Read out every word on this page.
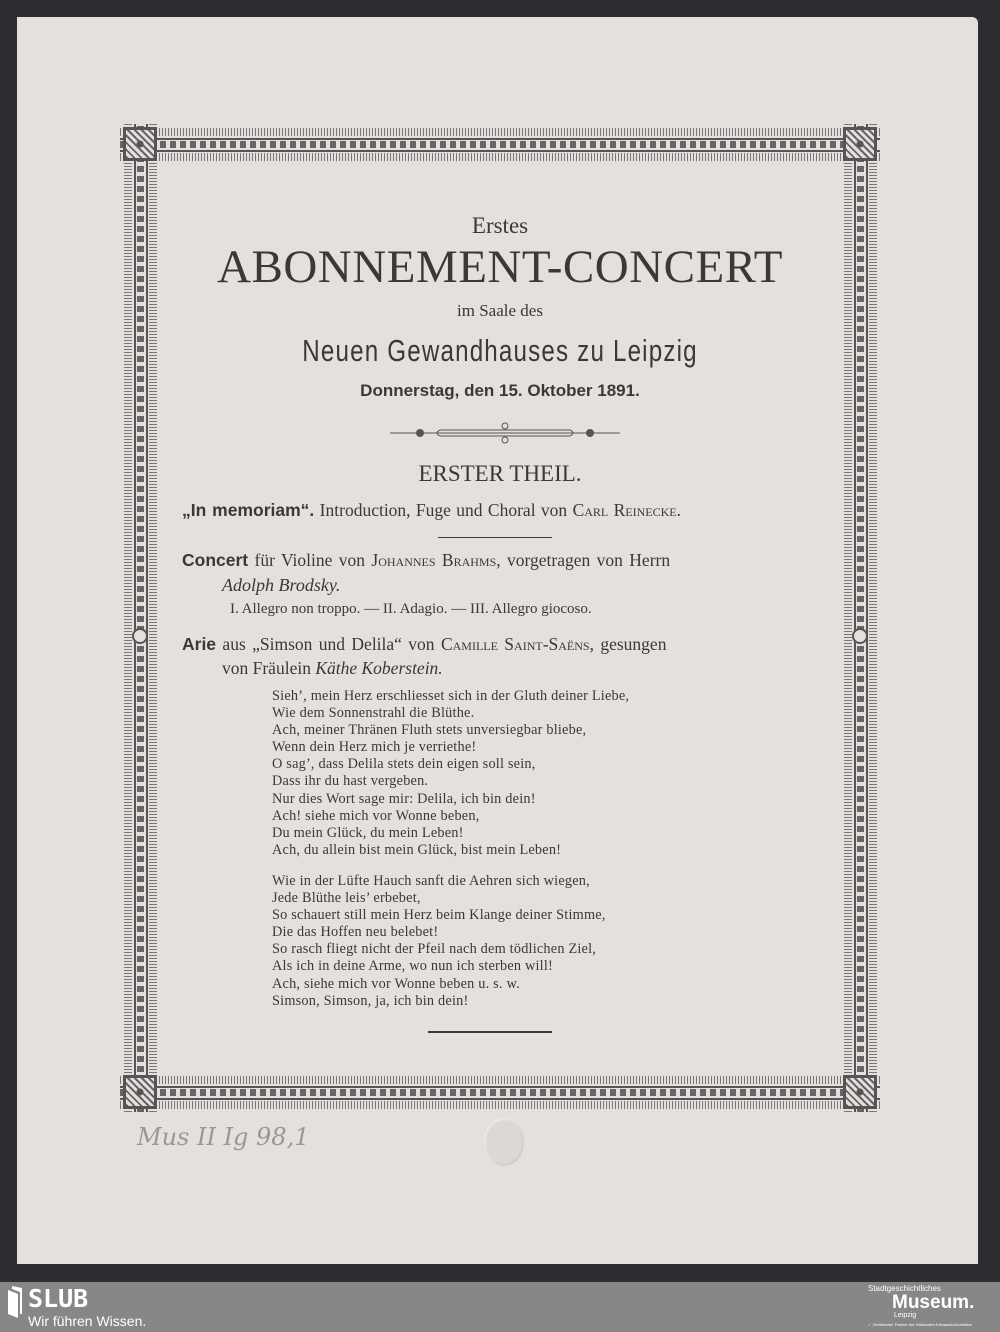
Erstes
ABONNEMENT-CONCERT
im Saale des
Neuen Gewandhauses zu Leipzig
Donnerstag, den 15. Oktober 1891.
ERSTER THEIL.
„In memoriam“. Introduction, Fuge und Choral von Carl Reinecke.
Concert für Violine von Johannes Brahms, vorgetragen von Herrn
Adolph Brodsky.
I. Allegro non troppo. — II. Adagio. — III. Allegro giocoso.
Arie aus „Simson und Delila“ von Camille Saint-Saëns, gesungen
von Fräulein Käthe Koberstein.
Sieh’, mein Herz erschliesset sich in der Gluth deiner Liebe,
Wie dem Sonnenstrahl die Blüthe.
Ach, meiner Thränen Fluth stets unversiegbar bliebe,
Wenn dein Herz mich je verriethe!
O sag’, dass Delila stets dein eigen soll sein,
Dass ihr du hast vergeben.
Nur dies Wort sage mir: Delila, ich bin dein!
Ach! siehe mich vor Wonne beben,
Du mein Glück, du mein Leben!
Ach, du allein bist mein Glück, bist mein Leben!
Wie in der Lüfte Hauch sanft die Aehren sich wiegen,
Jede Blüthe leis’ erbebet,
So schauert still mein Herz beim Klange deiner Stimme,
Die das Hoffen neu belebet!
So rasch fliegt nicht der Pfeil nach dem tödlichen Ziel,
Als ich in deine Arme, wo nun ich sterben will!
Ach, siehe mich vor Wonne beben u. s. w.
Simson, Simson, ja, ich bin dein!
Mus II Ig 98,1
SLUB
Wir führen Wissen.
Stadtgeschichtliches
Museum.
Leipzig
✓ Zertifizierter Partner der Nationalen Klimaschutzinitiative
